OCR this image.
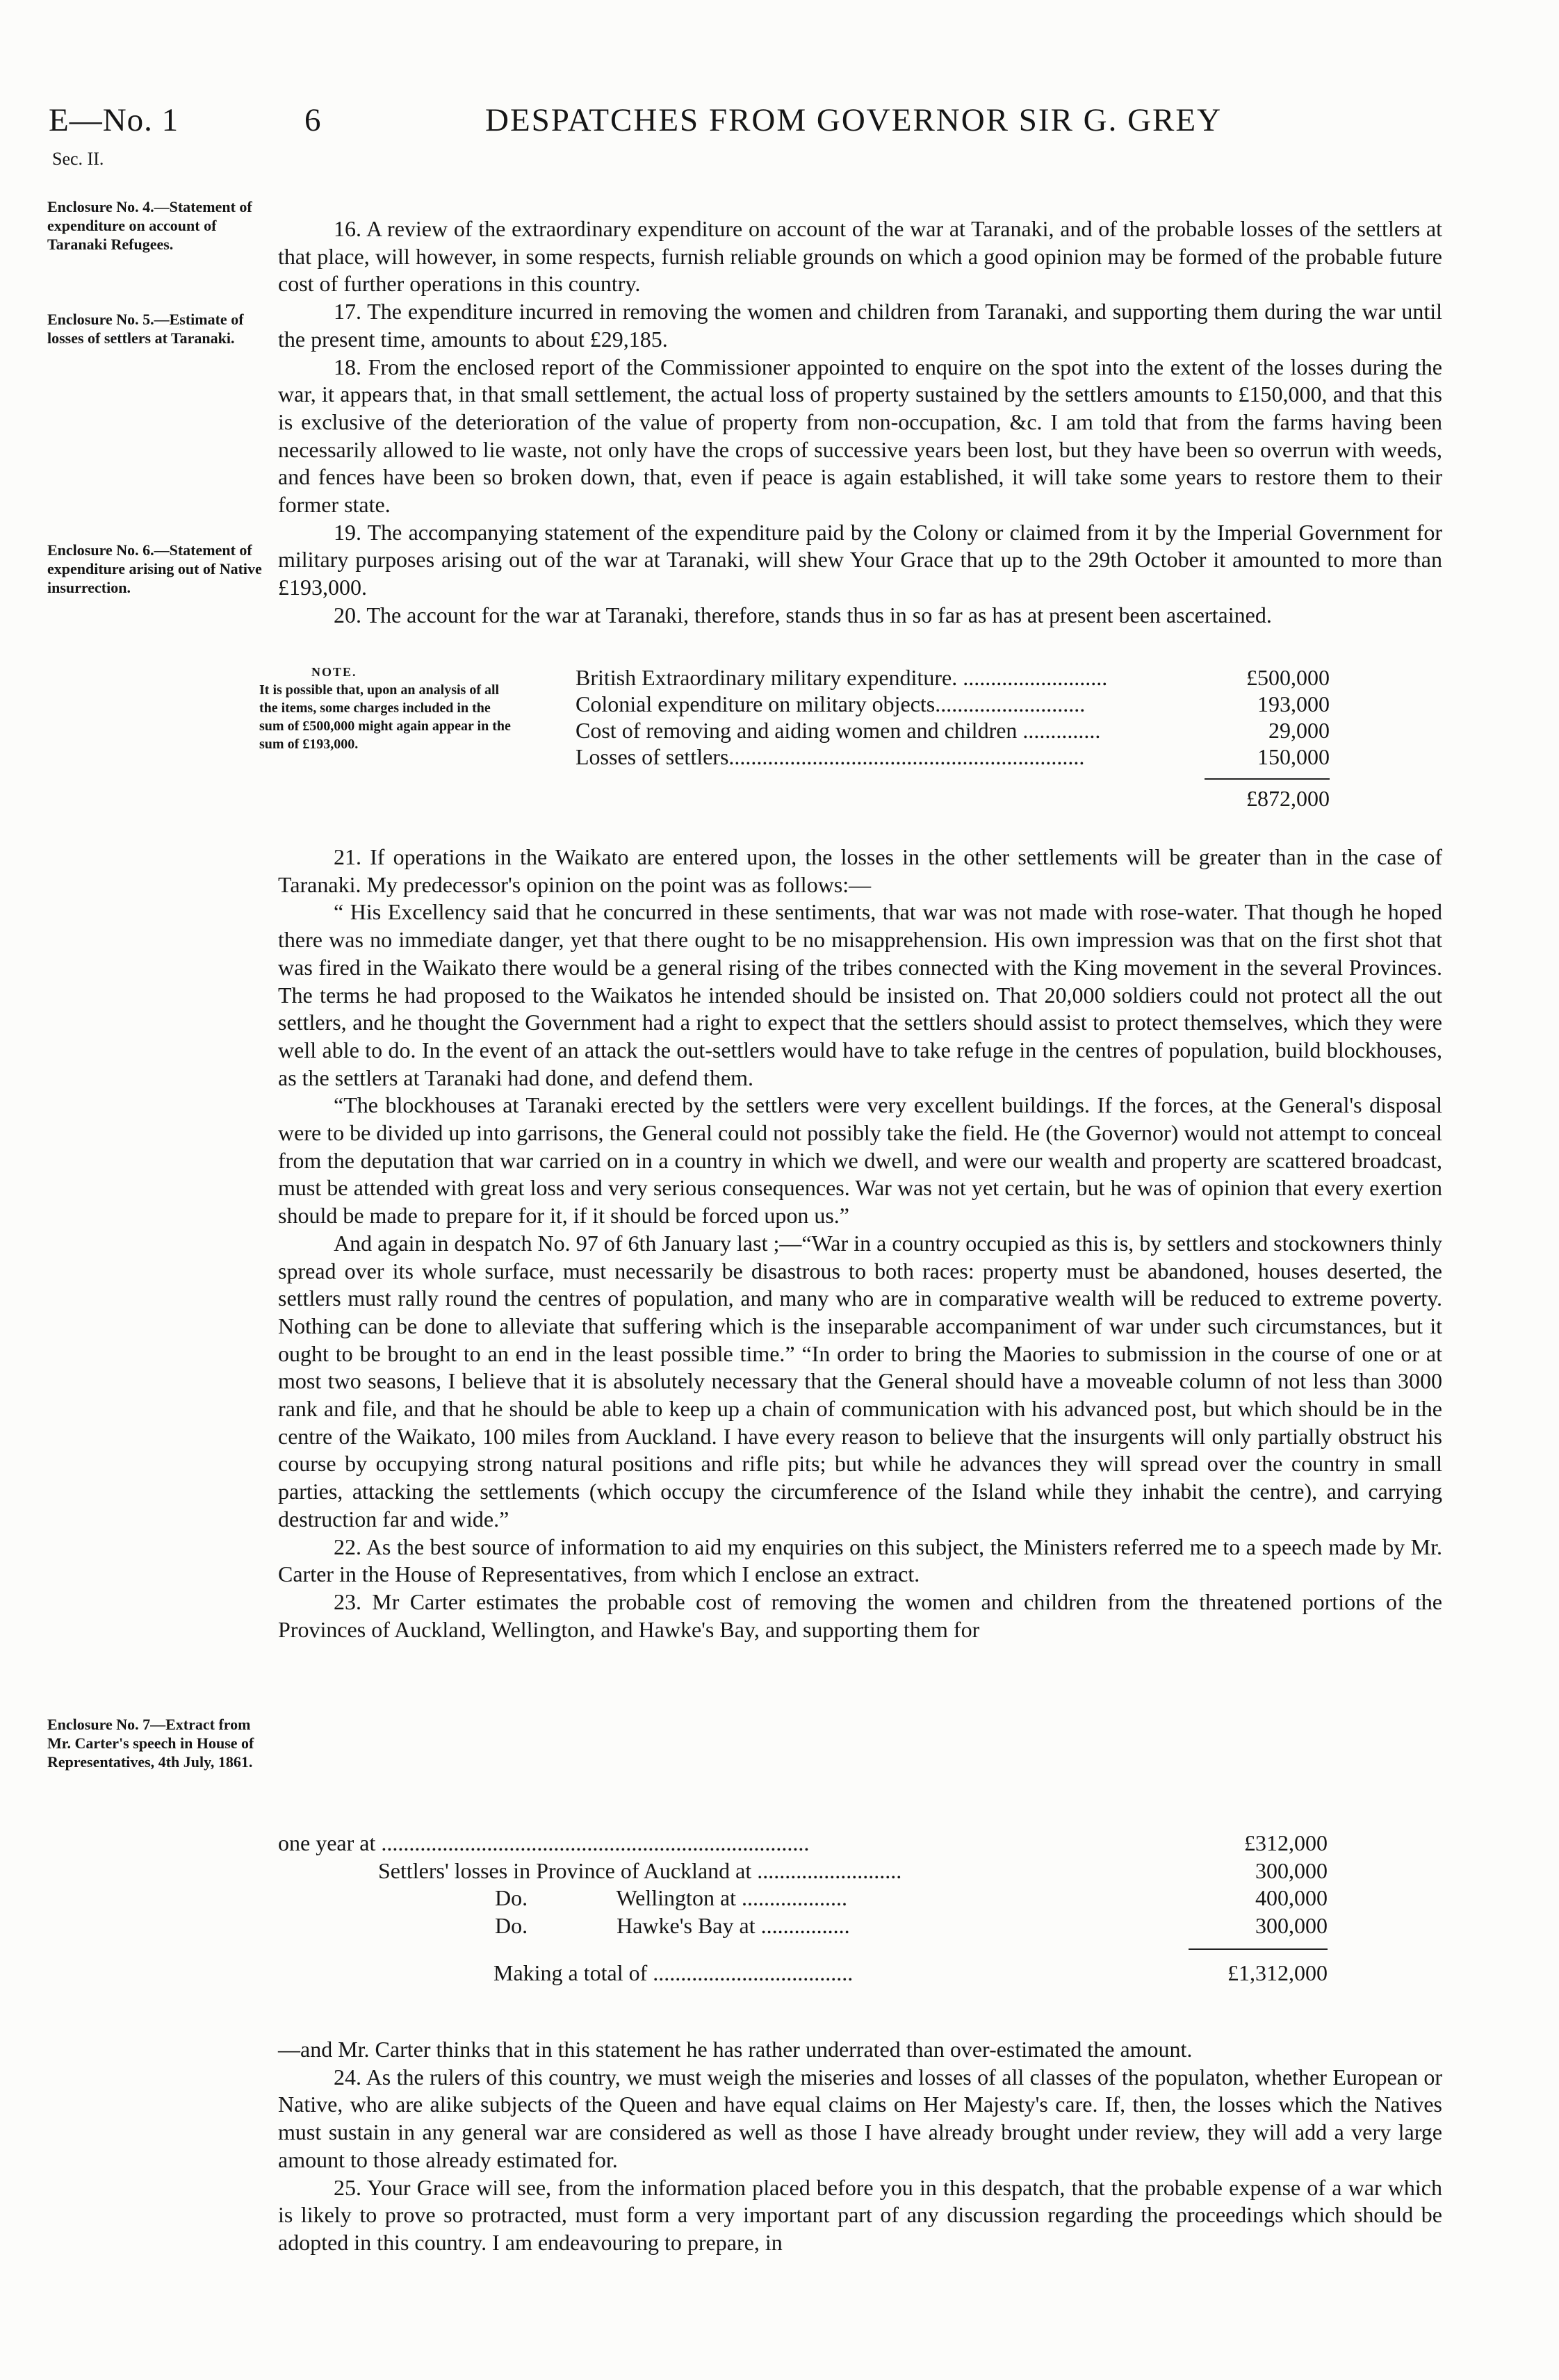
E—No. 1	6	DESPATCHES FROM GOVERNOR SIR G. GREY
Sec. II.
Enclosure No. 4.—Statement of expenditure on account of Taranaki Refugees.
Enclosure No. 5.—Estimate of losses of settlers at Taranaki.
Enclosure No. 6.—Statement of expenditure arising out of Native insurrection.
Enclosure No. 7—Extract from Mr. Carter's speech in House of Representatives, 4th July, 1861.
NOTE.
It is possible that, upon an analysis of all the items, some charges included in the sum of £500,000 might again appear in the sum of £193,000.

16. A review of the extraordinary expenditure on account of the war at Taranaki, and of the probable losses of the settlers at that place, will however, in some respects, furnish reliable grounds on which a good opinion may be formed of the probable future cost of further operations in this country.

17. The expenditure incurred in removing the women and children from Taranaki, and supporting them during the war until the present time, amounts to about £29,185.

18. From the enclosed report of the Commissioner appointed to enquire on the spot into the extent of the losses during the war, it appears that, in that small settlement, the actual loss of property sustained by the settlers amounts to £150,000, and that this is exclusive of the deterioration of the value of property from non-occupation, &c. I am told that from the farms having been necessarily allowed to lie waste, not only have the crops of successive years been lost, but they have been so overrun with weeds, and fences have been so broken down, that, even if peace is again established, it will take some years to restore them to their former state.

19. The accompanying statement of the expenditure paid by the Colony or claimed from it by the Imperial Government for military purposes arising out of the war at Taranaki, will shew Your Grace that up to the 29th October it amounted to more than £193,000.

20. The account for the war at Taranaki, therefore, stands thus in so far as has at present been ascertained.

British Extraordinary military expenditure. ..........................	£500,000
Colonial expenditure on military objects...........................	193,000
Cost of removing and aiding women and children ..............	29,000
Losses of settlers................................................................	150,000
£872,000

21. If operations in the Waikato are entered upon, the losses in the other settlements will be greater than in the case of Taranaki. My predecessor's opinion on the point was as follows:—

“ His Excellency said that he concurred in these sentiments, that war was not made with rose-water. That though he hoped there was no immediate danger, yet that there ought to be no misapprehension. His own impression was that on the first shot that was fired in the Waikato there would be a general rising of the tribes connected with the King movement in the several Provinces. The terms he had proposed to the Waikatos he intended should be insisted on. That 20,000 soldiers could not protect all the out settlers, and he thought the Government had a right to expect that the settlers should assist to protect themselves, which they were well able to do. In the event of an attack the out-settlers would have to take refuge in the centres of population, build blockhouses, as the settlers at Taranaki had done, and defend them.

“The blockhouses at Taranaki erected by the settlers were very excellent buildings. If the forces, at the General's disposal were to be divided up into garrisons, the General could not possibly take the field. He (the Governor) would not attempt to conceal from the deputation that war carried on in a country in which we dwell, and were our wealth and property are scattered broadcast, must be attended with great loss and very serious consequences. War was not yet certain, but he was of opinion that every exertion should be made to prepare for it, if it should be forced upon us.”

And again in despatch No. 97 of 6th January last ;—“War in a country occupied as this is, by settlers and stockowners thinly spread over its whole surface, must necessarily be disastrous to both races: property must be abandoned, houses deserted, the settlers must rally round the centres of population, and many who are in comparative wealth will be reduced to extreme poverty. Nothing can be done to alleviate that suffering which is the inseparable accompaniment of war under such circumstances, but it ought to be brought to an end in the least possible time.” “In order to bring the Maories to submission in the course of one or at most two seasons, I believe that it is absolutely necessary that the General should have a moveable column of not less than 3000 rank and file, and that he should be able to keep up a chain of communication with his advanced post, but which should be in the centre of the Waikato, 100 miles from Auckland. I have every reason to believe that the insurgents will only partially obstruct his course by occupying strong natural positions and rifle pits; but while he advances they will spread over the country in small parties, attacking the settlements (which occupy the circumference of the Island while they inhabit the centre), and carrying destruction far and wide.”

22. As the best source of information to aid my enquiries on this subject, the Ministers referred me to a speech made by Mr. Carter in the House of Representatives, from which I enclose an extract.

23. Mr Carter estimates the probable cost of removing the women and children from the threatened portions of the Provinces of Auckland, Wellington, and Hawke's Bay, and supporting them for

one year at .............................................................................	£312,000
Settlers' losses in Province of Auckland at ..........................	300,000
Do.                Wellington at ...................	400,000
Do.                Hawke's Bay at ................	300,000
Making a total of ....................................	£1,312,000

—and Mr. Carter thinks that in this statement he has rather underrated than over-estimated the amount.

24. As the rulers of this country, we must weigh the miseries and losses of all classes of the populaton, whether European or Native, who are alike subjects of the Queen and have equal claims on Her Majesty's care. If, then, the losses which the Natives must sustain in any general war are considered as well as those I have already brought under review, they will add a very large amount to those already estimated for.

25. Your Grace will see, from the information placed before you in this despatch, that the probable expense of a war which is likely to prove so protracted, must form a very important part of any discussion regarding the proceedings which should be adopted in this country. I am endeavouring to prepare, in
